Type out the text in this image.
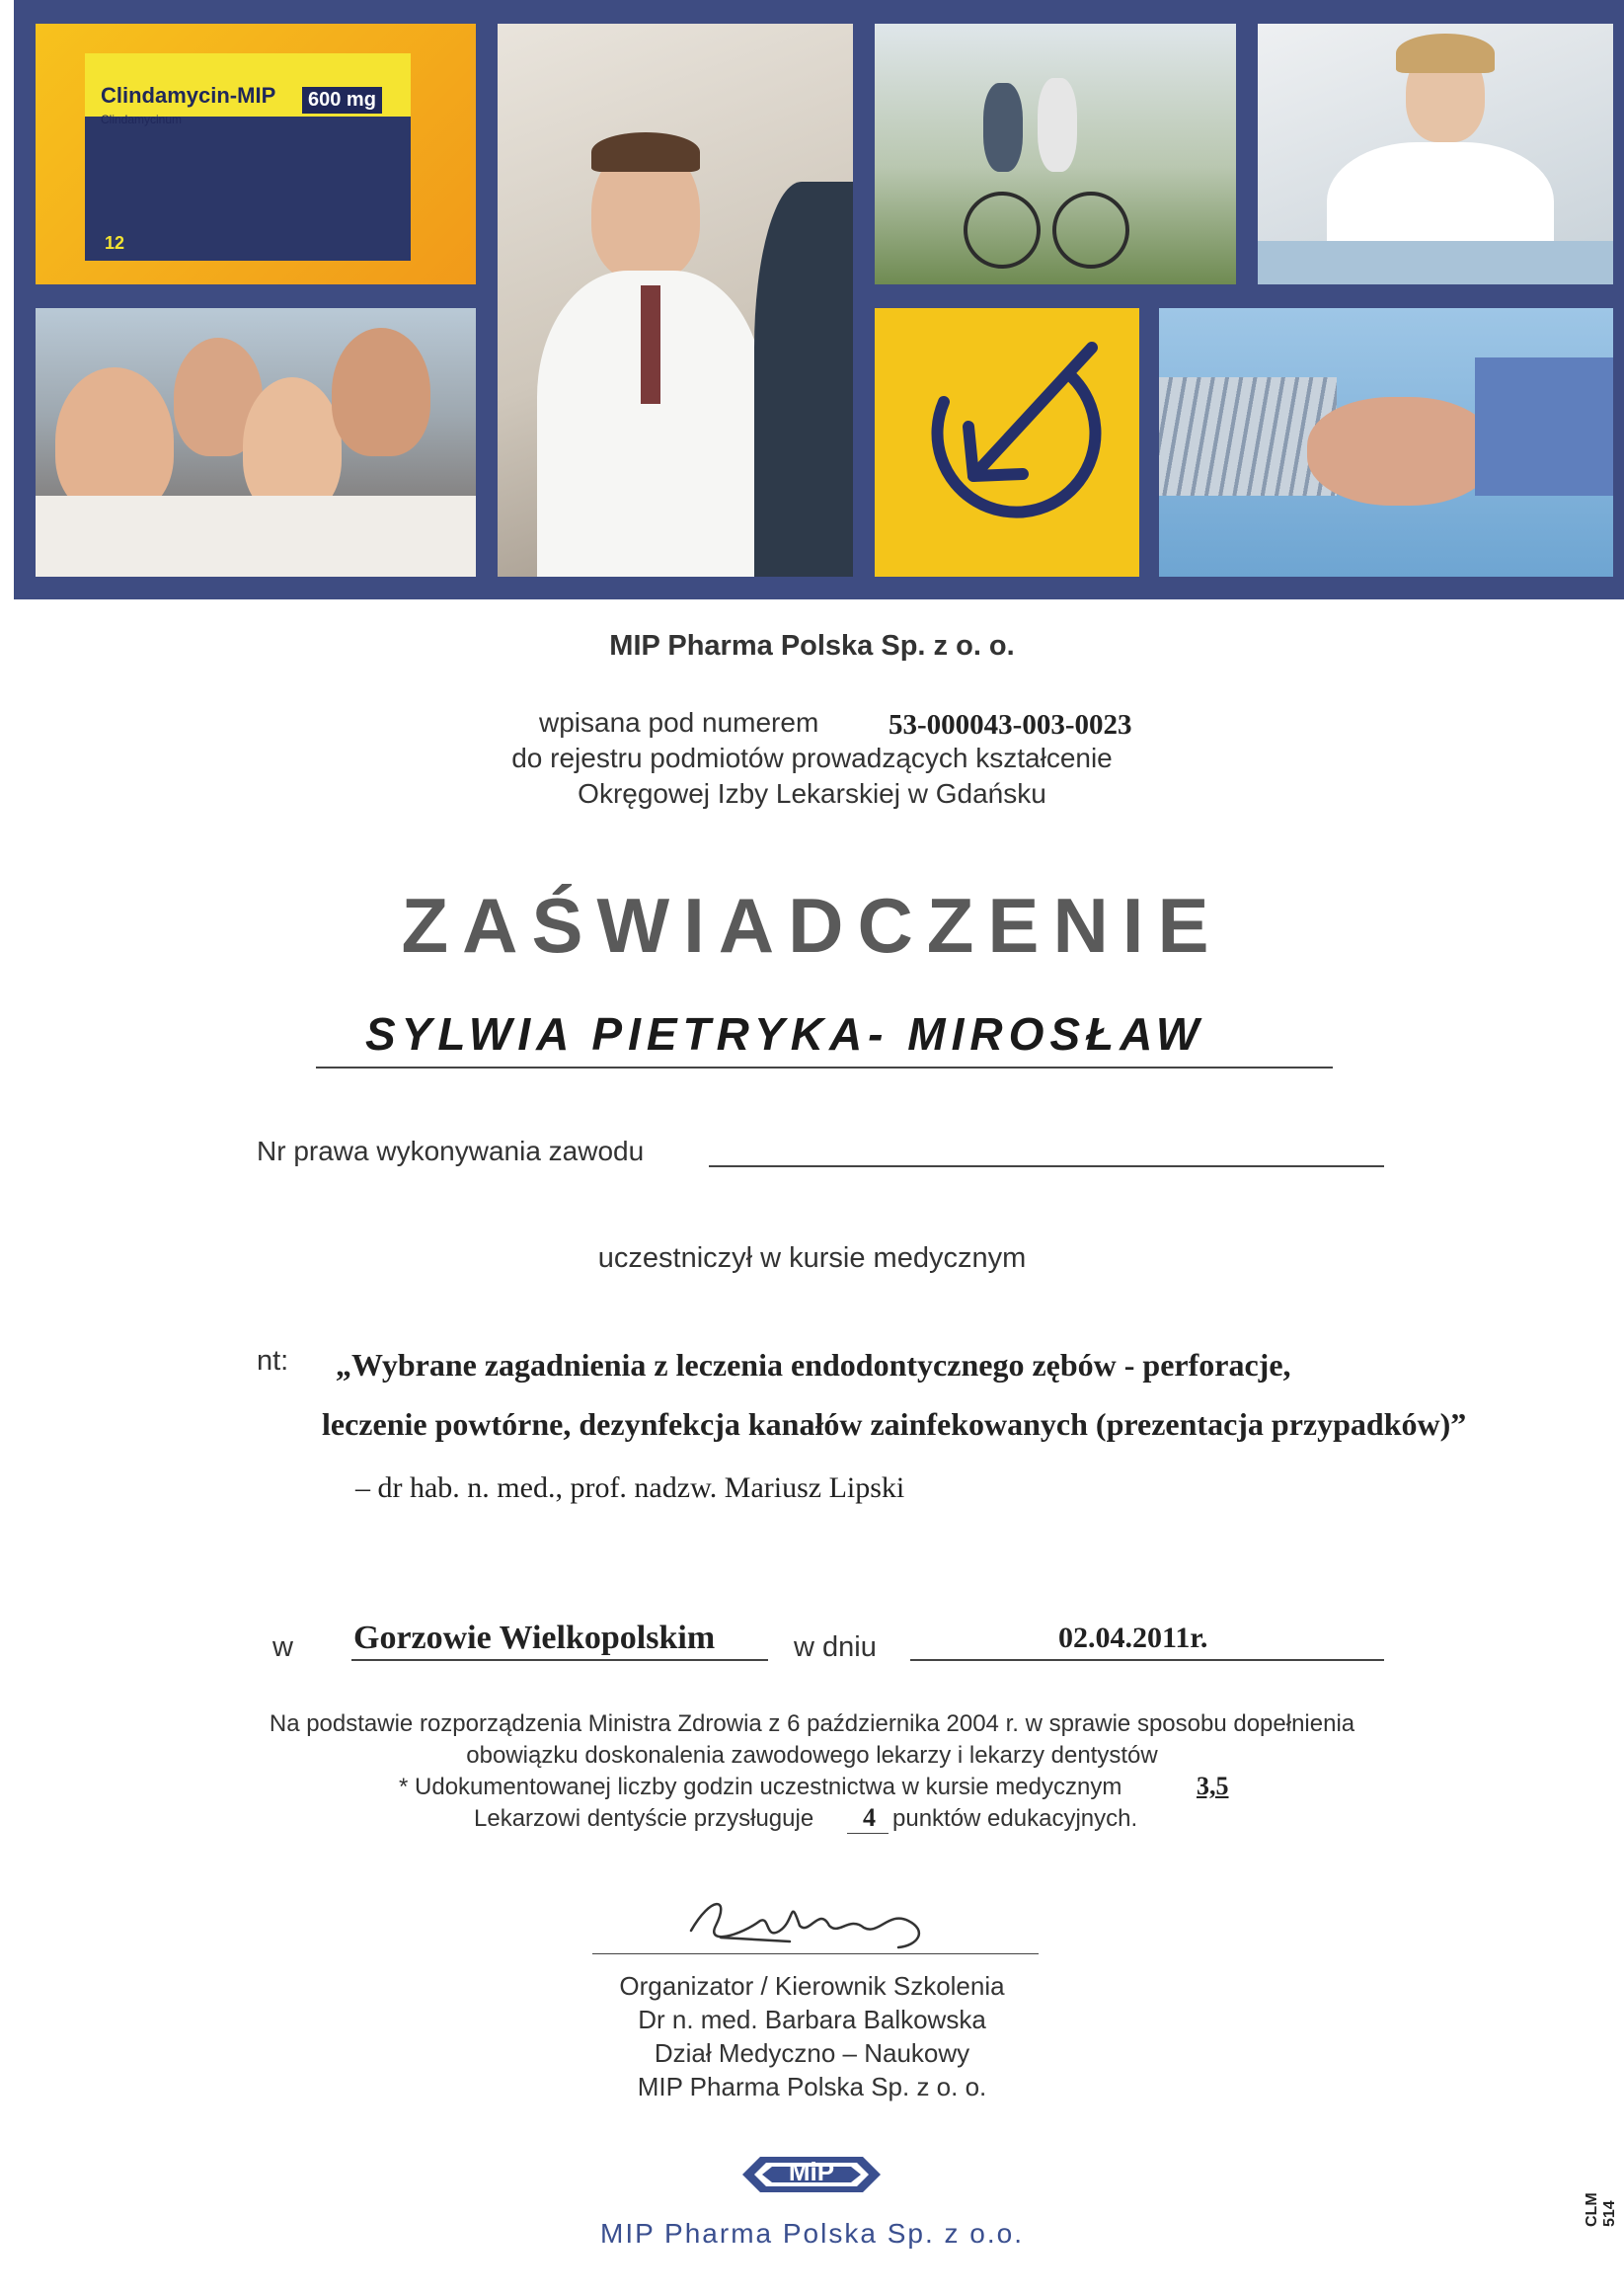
Clindamycin-MIP	600 mg
Clindamycinum
12
MIP Pharma Polska Sp. z o. o.
wpisana pod numerem 53-000043-003-0023
do rejestru podmiotów prowadzących kształcenie
Okręgowej Izby Lekarskiej w Gdańsku
ZAŚWIADCZENIE
SYLWIA PIETRYKA- MIROSŁAW
Nr prawa wykonywania zawodu
uczestniczył w kursie medycznym
nt: „Wybrane zagadnienia z leczenia endodontycznego zębów - perforacje,
leczenie powtórne, dezynfekcja kanałów zainfekowanych (prezentacja przypadków)”
– dr hab. n. med., prof. nadzw. Mariusz Lipski
w Gorzowie Wielkopolskim	w dniu	02.04.2011r.
Na podstawie rozporządzenia Ministra Zdrowia z 6 października 2004 r. w sprawie sposobu dopełnienia
obowiązku doskonalenia zawodowego lekarzy i lekarzy dentystów
* Udokumentowanej liczby godzin uczestnictwa w kursie medycznym	3,5
Lekarzowi dentyście przysługuje 4 punktów edukacyjnych.
Organizator / Kierownik Szkolenia
Dr n. med. Barbara Balkowska
Dział Medyczno – Naukowy
MIP Pharma Polska Sp. z o. o.
MiP
MIP Pharma Polska Sp. z o.o.
CLM 514
